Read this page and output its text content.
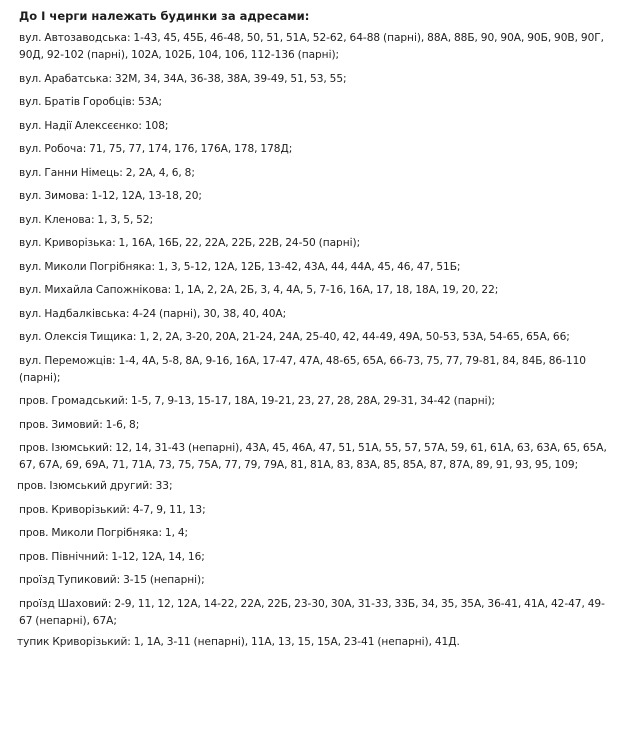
До І черги належать будинки за адресами:
вул. Автозаводська: 1-43, 45, 45Б, 46-48, 50, 51, 51А, 52-62, 64-88 (парні), 88А, 88Б, 90, 90А, 90Б, 90В, 90Г, 90Д, 92-102 (парні), 102А, 102Б, 104, 106, 112-136 (парні);
вул. Арабатська: 32М, 34, 34А, 36-38, 38А, 39-49, 51, 53, 55;
вул. Братів Горобців: 53А;
вул. Надії Алексєєнко: 108;
вул. Робоча: 71, 75, 77, 174, 176, 176А, 178, 178Д;
вул. Ганни Німець: 2, 2А, 4, 6, 8;
вул. Зимова: 1-12, 12А, 13-18, 20;
вул. Кленова: 1, 3, 5, 52;
вул. Криворізька: 1, 16А, 16Б, 22, 22А, 22Б, 22В, 24-50 (парні);
вул. Миколи Погрібняка: 1, 3, 5-12, 12А, 12Б, 13-42, 43А, 44, 44А, 45, 46, 47, 51Б;
вул. Михайла Сапожнікова: 1, 1А, 2, 2А, 2Б, 3, 4, 4А, 5, 7-16, 16А, 17, 18, 18А, 19, 20, 22;
вул. Надбалківська: 4-24 (парні), 30, 38, 40, 40А;
вул. Олексія Тищика: 1, 2, 2А, 3-20, 20А, 21-24, 24А, 25-40, 42, 44-49, 49А, 50-53, 53А, 54-65, 65А, 66;
вул. Переможців: 1-4, 4А, 5-8, 8А, 9-16, 16А, 17-47, 47А, 48-65, 65А, 66-73, 75, 77, 79-81, 84, 84Б, 86-110 (парні);
пров. Громадський: 1-5, 7, 9-13, 15-17, 18А, 19-21, 23, 27, 28, 28А, 29-31, 34-42 (парні);
пров. Зимовий: 1-6, 8;
пров. Ізюмський: 12, 14, 31-43 (непарні), 43А, 45, 46А, 47, 51, 51А, 55, 57, 57А, 59, 61, 61А, 63, 63А, 65, 65А, 67, 67А, 69, 69А, 71, 71А, 73, 75, 75А, 77, 79, 79А, 81, 81А, 83, 83А, 85, 85А, 87, 87А, 89, 91, 93, 95, 109;
пров. Ізюмський другий: 33;
пров. Криворізький: 4-7, 9, 11, 13;
пров. Миколи Погрібняка: 1, 4;
пров. Північний: 1-12, 12А, 14, 16;
проїзд Тупиковий: 3-15 (непарні);
проїзд Шаховий: 2-9, 11, 12, 12А, 14-22, 22А, 22Б, 23-30, 30А, 31-33, 33Б, 34, 35, 35А, 36-41, 41А, 42-47, 49-67 (непарні), 67А;
тупик Криворізький: 1, 1А, 3-11 (непарні), 11А, 13, 15, 15А, 23-41 (непарні), 41Д.
